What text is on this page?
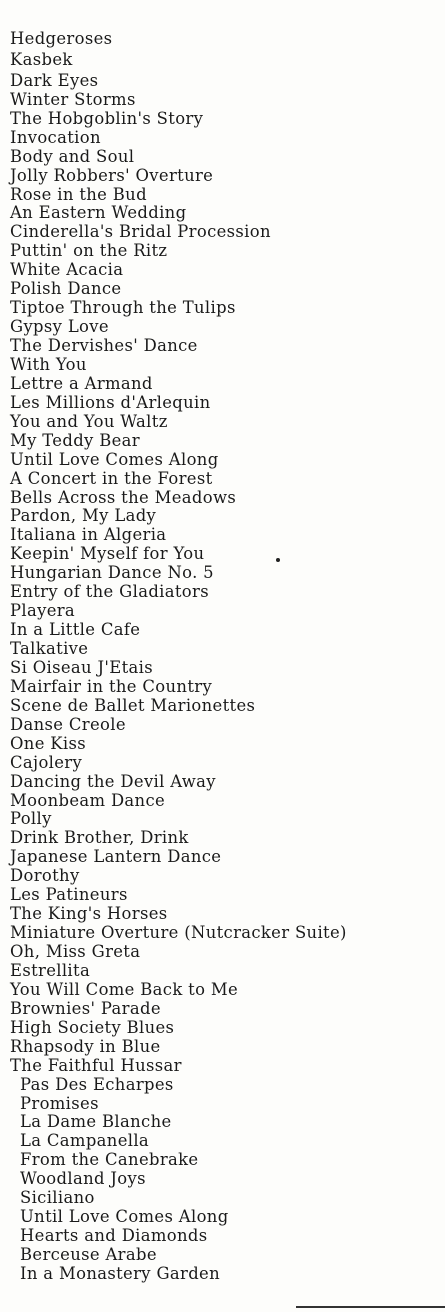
Hedgeroses
Kasbek
Dark Eyes
Winter Storms
The Hobgoblin's Story
Invocation
Body and Soul
Jolly Robbers' Overture
Rose in the Bud
An Eastern Wedding
Cinderella's Bridal Procession
Puttin' on the Ritz
White Acacia
Polish Dance
Tiptoe Through the Tulips
Gypsy Love
The Dervishes' Dance
With You
Lettre a Armand
Les Millions d'Arlequin
You and You Waltz
My Teddy Bear
Until Love Comes Along
A Concert in the Forest
Bells Across the Meadows
Pardon, My Lady
Italiana in Algeria
Keepin' Myself for You
Hungarian Dance No. 5
Entry of the Gladiators
Playera
In a Little Cafe
Talkative
Si Oiseau J'Etais
Mairfair in the Country
Scene de Ballet Marionettes
Danse Creole
One Kiss
Cajolery
Dancing the Devil Away
Moonbeam Dance
Polly
Drink Brother, Drink
Japanese Lantern Dance
Dorothy
Les Patineurs
The King's Horses
Miniature Overture (Nutcracker Suite)
Oh, Miss Greta
Estrellita
You Will Come Back to Me
Brownies' Parade
High Society Blues
Rhapsody in Blue
The Faithful Hussar
Pas Des Echarpes
Promises
La Dame Blanche
La Campanella
From the Canebrake
Woodland Joys
Siciliano
Until Love Comes Along
Hearts and Diamonds
Berceuse Arabe
In a Monastery Garden
